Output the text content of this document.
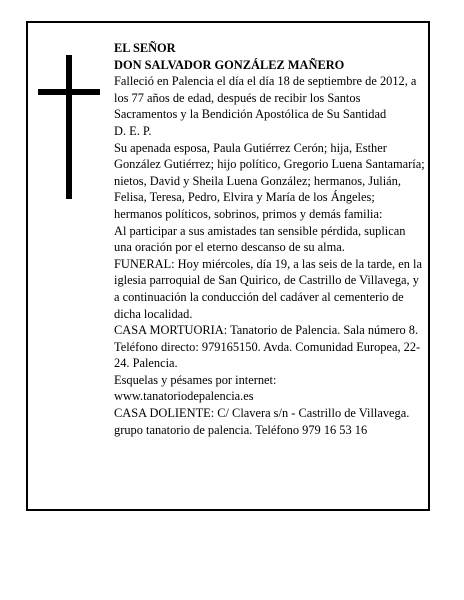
EL SEÑOR

DON SALVADOR GONZÁLEZ MAÑERO

Falleció en Palencia el día el día 18 de septiembre de 2012, a los 77 años de edad, después de recibir los Santos Sacramentos y la Bendición Apostólica de Su Santidad

D. E. P.

Su apenada esposa, Paula Gutiérrez Cerón; hija, Esther González Gutiérrez; hijo político, Gregorio Luena Santamaría; nietos, David y Sheila Luena González; hermanos, Julián, Felisa, Teresa, Pedro, Elvira y María de los Ángeles; hermanos políticos, sobrinos, primos y demás familia:

Al participar a sus amistades tan sensible pérdida, suplican una oración por el eterno descanso de su alma.

FUNERAL: Hoy miércoles, día 19, a las seis de la tarde, en la iglesia parroquial de San Quirico, de Castrillo de Villavega, y a continuación la conducción del cadáver al cementerio de dicha localidad.

CASA MORTUORIA: Tanatorio de Palencia. Sala número 8. Teléfono directo: 979165150. Avda. Comunidad Europea, 22-24. Palencia.

Esquelas y pésames por internet:

www.tanatoriodepalencia.es

CASA DOLIENTE: C/ Clavera s/n - Castrillo de Villavega.

grupo tanatorio de palencia. Teléfono 979 16 53 16
